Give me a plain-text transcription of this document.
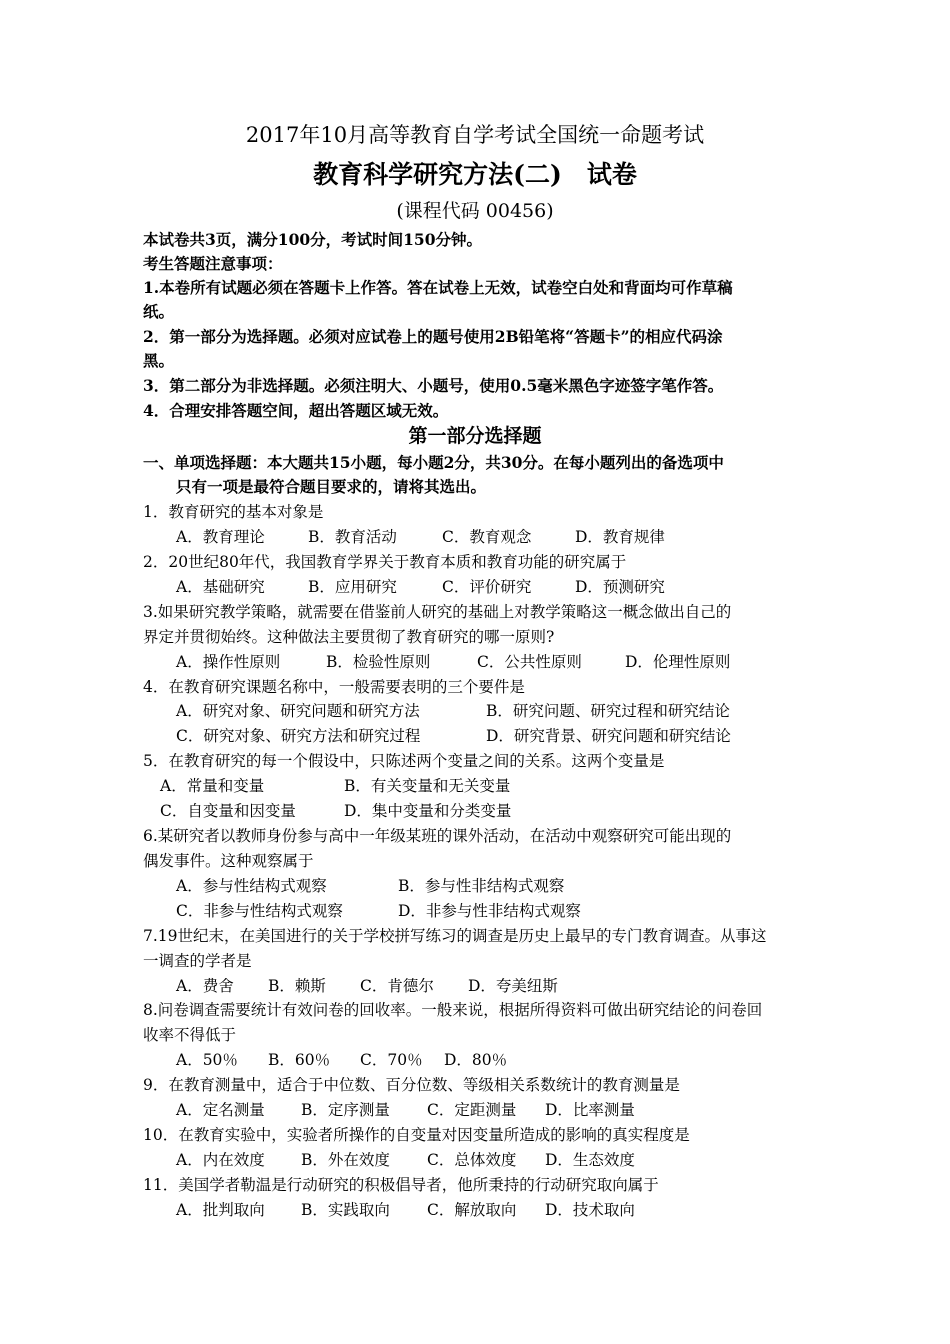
2017年10月高等教育自学考试全国统一命题考试
教育科学研究方法(二)　试卷
(课程代码 00456)
本试卷共3页，满分100分，考试时间150分钟。
考生答题注意事项：
1.本卷所有试题必须在答题卡上作答。答在试卷上无效，试卷空白处和背面均可作草稿
纸。
2．第一部分为选择题。必须对应试卷上的题号使用2B铅笔将“答题卡”的相应代码涂
黑。
3．第二部分为非选择题。必须注明大、小题号，使用0.5毫米黑色字迹签字笔作答。
4．合理安排答题空间，超出答题区域无效。
第一部分选择题
一、单项选择题：本大题共15小题，每小题2分，共30分。在每小题列出的备选项中
只有一项是最符合题目要求的，请将其选出。
1．教育研究的基本对象是
A．教育理论	B．教育活动	C．教育观念	D．教育规律
2．20世纪80年代，我国教育学界关于教育本质和教育功能的研究属于
A．基础研究	B．应用研究	C．评价研究	D．预测研究
3.如果研究教学策略，就需要在借鉴前人研究的基础上对教学策略这一概念做出自己的
界定并贯彻始终。这种做法主要贯彻了教育研究的哪一原则?
A．操作性原则	B．检验性原则	C．公共性原则	D．伦理性原则
4．在教育研究课题名称中，一般需要表明的三个要件是
A．研究对象、研究问题和研究方法	B．研究问题、研究过程和研究结论
C．研究对象、研究方法和研究过程	D．研究背景、研究问题和研究结论
5．在教育研究的每一个假设中，只陈述两个变量之间的关系。这两个变量是
A．常量和变量	B．有关变量和无关变量
C．自变量和因变量	D．集中变量和分类变量
6.某研究者以教师身份参与高中一年级某班的课外活动，在活动中观察研究可能出现的
偶发事件。这种观察属于
A．参与性结构式观察	B．参与性非结构式观察
C．非参与性结构式观察	D．非参与性非结构式观察
7.19世纪末，在美国进行的关于学校拼写练习的调查是历史上最早的专门教育调查。从事这
一调查的学者是
A．费舍 B．赖斯 C．肯德尔 D．夸美纽斯
8.问卷调查需要统计有效问卷的回收率。一般来说，根据所得资料可做出研究结论的问卷回
收率不得低于
A．50％ B．60％ C．70％ D．80％
9．在教育测量中，适合于中位数、百分位数、等级相关系数统计的教育测量是
A．定名测量 B．定序测量 C．定距测量 D．比率测量
10．在教育实验中，实验者所操作的自变量对因变量所造成的影响的真实程度是
A．内在效度 B．外在效度 C．总体效度 D．生态效度
11．美国学者勒温是行动研究的积极倡导者，他所秉持的行动研究取向属于
A．批判取向 B．实践取向 C．解放取向 D．技术取向
